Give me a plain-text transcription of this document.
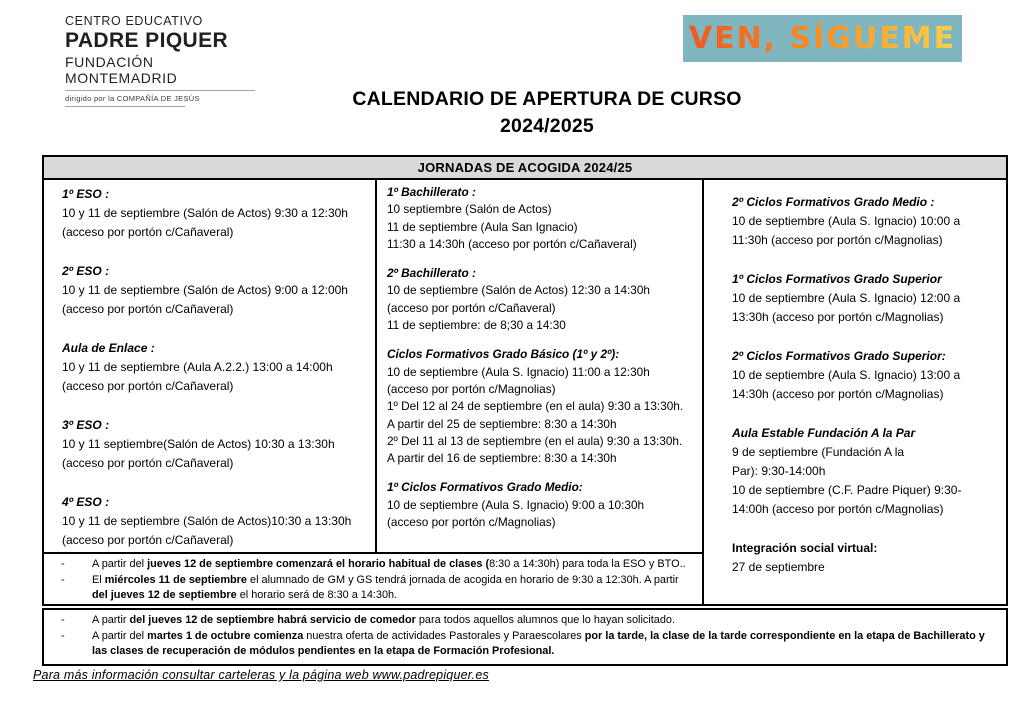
CENTRO EDUCATIVO
PADRE PIQUER
FUNDACIÓN MONTEMADRID
dirigido por la COMPAÑÍA DE JESÚS
VEN, SÍGUEME
CALENDARIO DE APERTURA DE CURSO
2024/2025
JORNADAS DE ACOGIDA 2024/25
1º ESO :
10 y 11 de septiembre (Salón de Actos) 9:30 a 12:30h
(acceso por portón c/Cañaveral)
2º ESO :
10 y 11 de septiembre (Salón de Actos) 9:00 a 12:00h
(acceso por portón c/Cañaveral)
Aula de Enlace :
10 y 11 de septiembre (Aula A.2.2.) 13:00 a 14:00h
(acceso por portón c/Cañaveral)
3º ESO :
10 y 11 septiembre(Salón de Actos) 10:30 a 13:30h
(acceso por portón c/Cañaveral)
4º ESO :
10 y 11 de septiembre (Salón de Actos)10:30 a 13:30h
(acceso por portón c/Cañaveral)
1º Bachillerato :
10 septiembre (Salón de Actos)
11 de septiembre (Aula San Ignacio)
11:30 a 14:30h (acceso por portón c/Cañaveral)
2º Bachillerato :
10 de septiembre (Salón de Actos) 12:30 a 14:30h
(acceso por portón c/Cañaveral)
11 de septiembre: de 8;30 a 14:30
Ciclos Formativos Grado Básico (1º y 2º):
10 de septiembre (Aula S. Ignacio) 11:00 a 12:30h
(acceso por portón c/Magnolias)
1º Del 12 al 24 de septiembre (en el aula) 9:30 a 13:30h.
A partir del 25 de septiembre: 8:30 a 14:30h
2º Del 11 al 13 de septiembre (en el aula) 9:30 a 13:30h.
A partir del 16 de septiembre: 8:30 a 14:30h
1º Ciclos Formativos Grado Medio:
10 de septiembre (Aula S. Ignacio) 9:00 a 10:30h
(acceso por portón c/Magnolias)
-	A partir del jueves 12 de septiembre comenzará el horario habitual de clases (8:30 a 14:30h) para toda la ESO y BTO..
-	El miércoles 11 de septiembre el alumnado de GM y GS tendrá jornada de acogida en horario de 9:30 a 12:30h. A partir del jueves 12 de septiembre el horario será de 8:30 a 14:30h.
2º Ciclos Formativos Grado Medio :
10 de septiembre (Aula S. Ignacio) 10:00 a
11:30h (acceso por portón c/Magnolias)
1º Ciclos Formativos Grado Superior
10 de septiembre (Aula S. Ignacio) 12:00 a
13:30h (acceso por portón c/Magnolias)
2º Ciclos Formativos Grado Superior:
10 de septiembre (Aula S. Ignacio) 13:00 a
14:30h (acceso por portón c/Magnolias)
Aula Estable Fundación A la Par
9 de septiembre (Fundación A la
Par): 9:30-14:00h
10 de septiembre (C.F. Padre Piquer) 9:30-
14:00h (acceso por portón c/Magnolias)
Integración social virtual:
27 de septiembre
-	A partir del jueves 12 de septiembre habrá servicio de comedor para todos aquellos alumnos que lo hayan solicitado.
-	A partir del martes 1 de octubre comienza nuestra oferta de actividades Pastorales y Paraescolares por la tarde, la clase de la tarde correspondiente en la etapa de Bachillerato y las clases de recuperación de módulos pendientes en la etapa de Formación Profesional.
Para más información consultar carteleras y la página web www.padrepiquer.es
